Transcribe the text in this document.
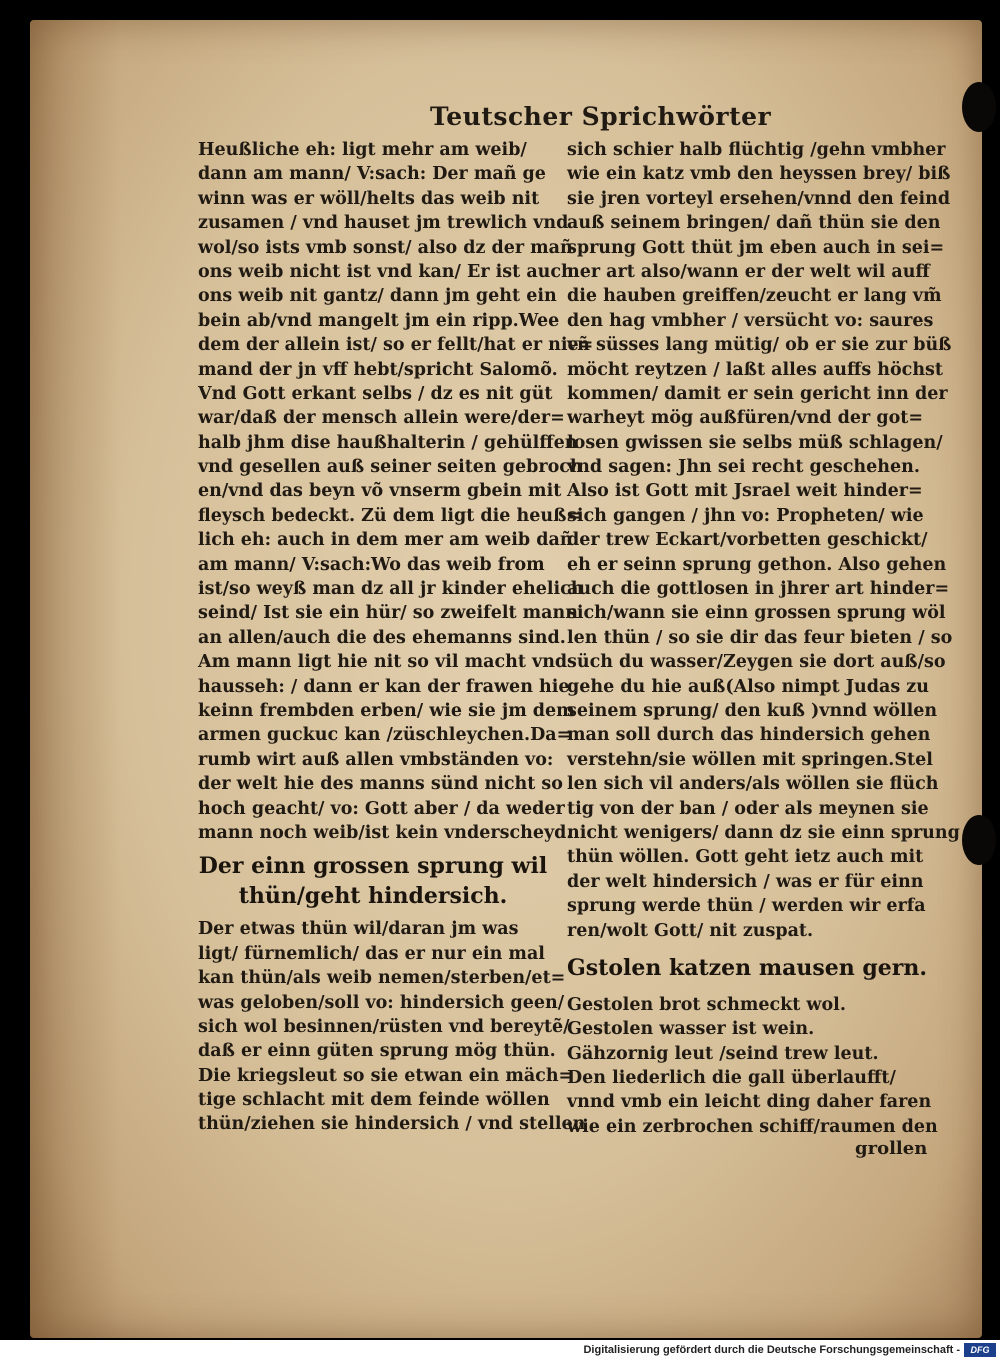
Teutscher Sprichwörter
Heußliche eh: ligt mehr am weib/
dann am mann/ V:sach: Der mañ ge
winn was er wöll/helts das weib nit
zusamen / vnd hauset jm trewlich vnd
wol/so ists vmb sonst/ also dz der mañ
ons weib nicht ist vnd kan/ Er ist auch
ons weib nit gantz/ dann jm geht ein
bein ab/vnd mangelt jm ein ripp.Wee
dem der allein ist/ so er fellt/hat er nie=
mand der jn vff hebt/spricht Salomõ.
Vnd Gott erkant selbs / dz es nit güt
war/daß der mensch allein were/der=
halb jhm dise haußhalterin / gehülffen
vnd gesellen auß seiner seiten gebroch
en/vnd das beyn võ vnserm gbein mit
fleysch bedeckt. Zü dem ligt die heuß=
lich eh: auch in dem mer am weib dañ
am mann/ V:sach:Wo das weib from
ist/so weyß man dz all jr kinder ehelich
seind/ Ist sie ein hür/ so zweifelt mann
an allen/auch die des ehemanns sind.
Am mann ligt hie nit so vil macht vnd
hausseh: / dann er kan der frawen hie
keinn frembden erben/ wie sie jm dem
armen guckuc kan /züschleychen.Da=
rumb wirt auß allen vmbständen vo:
der welt hie des manns sünd nicht so
hoch geacht/ vo: Gott aber / da weder
mann noch weib/ist kein vnderscheyd.
Der einn grossen sprung wil
thün/geht hindersich.
Der etwas thün wil/daran jm was
ligt/ fürnemlich/ das er nur ein mal
kan thün/als weib nemen/sterben/et=
was geloben/soll vo: hindersich geen/
sich wol besinnen/rüsten vnd bereytẽ/
daß er einn güten sprung mög thün.
Die kriegsleut so sie etwan ein mäch=
tige schlacht mit dem feinde wöllen
thün/ziehen sie hindersich / vnd stellen
sich schier halb flüchtig /gehn vmbher
wie ein katz vmb den heyssen brey/ biß
sie jren vorteyl ersehen/vnnd den feind
auß seinem bringen/ dañ thün sie den
sprung Gott thüt jm eben auch in sei=
ner art also/wann er der welt wil auff
die hauben greiffen/zeucht er lang vm̃
den hag vmbher / versücht vo: saures
vñ süsses lang mütig/ ob er sie zur büß
möcht reytzen / laßt alles auffs höchst
kommen/ damit er sein gericht inn der
warheyt mög außfüren/vnd der got=
losen gwissen sie selbs müß schlagen/
vnd sagen: Jhn sei recht geschehen.
Also ist Gott mit Jsrael weit hinder=
sich gangen / jhn vo: Propheten/ wie
der trew Eckart/vorbetten geschickt/
eh er seinn sprung gethon. Also gehen
auch die gottlosen in jhrer art hinder=
sich/wann sie einn grossen sprung wöl
len thün / so sie dir das feur bieten / so
süch du wasser/Zeygen sie dort auß/so
gehe du hie auß(Also nimpt Judas zu
seinem sprung/ den kuß )vnnd wöllen
man soll durch das hindersich gehen
verstehn/sie wöllen mit springen.Stel
len sich vil anders/als wöllen sie flüch
tig von der ban / oder als meynen sie
nicht wenigers/ dann dz sie einn sprung
thün wöllen. Gott geht ietz auch mit
der welt hindersich / was er für einn
sprung werde thün / werden wir erfa
ren/wolt Gott/ nit zuspat.
Gstolen katzen mausen gern.
Gestolen brot schmeckt wol.
Gestolen wasser ist wein.
Gähzornig leut /seind trew leut.
Den liederlich die gall überlaufft/
vnnd vmb ein leicht ding daher faren
wie ein zerbrochen schiff/raumen den
grollen
Digitalisierung gefördert durch die Deutsche Forschungsgemeinschaft -	DFG
